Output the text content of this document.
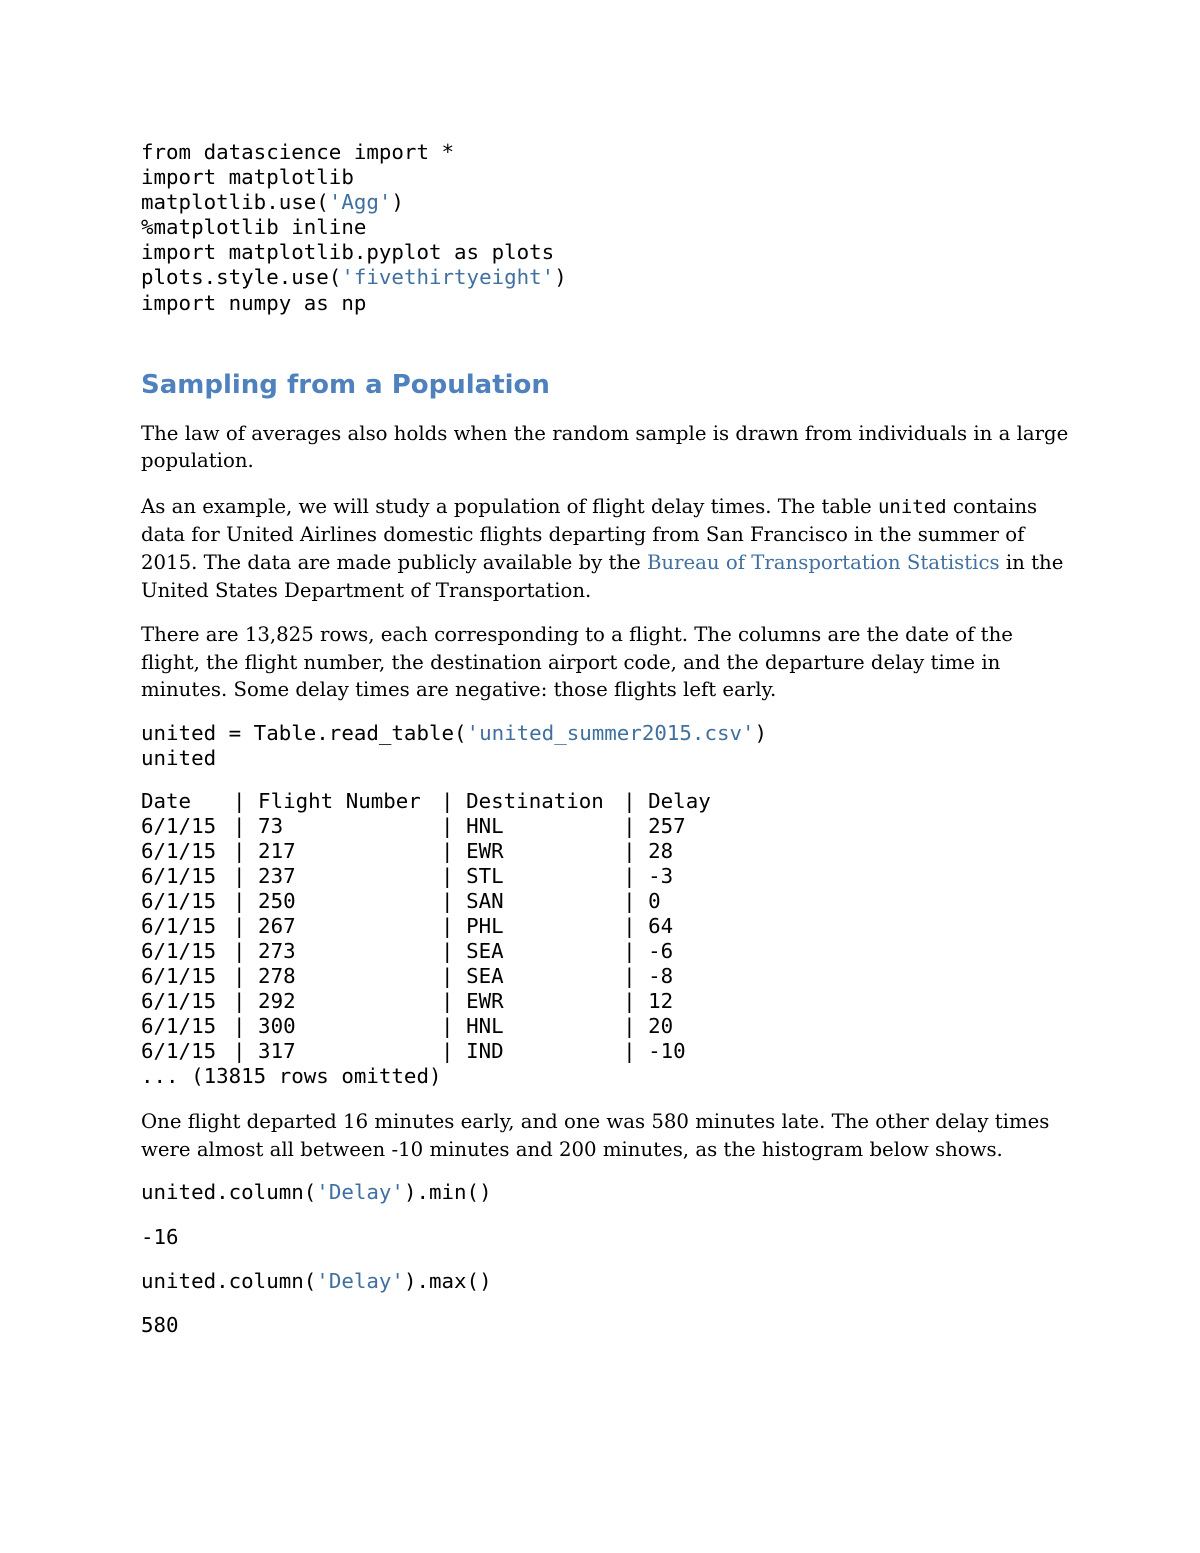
from datascience import *
import matplotlib
matplotlib.use('Agg')
%matplotlib inline
import matplotlib.pyplot as plots
plots.style.use('fivethirtyeight')
import numpy as np
Sampling from a Population

The law of averages also holds when the random sample is drawn from individuals in a large population.

As an example, we will study a population of flight delay times. The table united contains data for United Airlines domestic flights departing from San Francisco in the summer of 2015. The data are made publicly available by the Bureau of Transportation Statistics in the United States Department of Transportation.

There are 13,825 rows, each corresponding to a flight. The columns are the date of the flight, the flight number, the destination airport code, and the departure delay time in minutes. Some delay times are negative: those flights left early.

united = Table.read_table('united_summer2015.csv')
united
Date	|	Flight Number	|	Destination	|	Delay
6/1/15	|	73	|	HNL	|	257
6/1/15	|	217	|	EWR	|	28
6/1/15	|	237	|	STL	|	-3
6/1/15	|	250	|	SAN	|	0
6/1/15	|	267	|	PHL	|	64
6/1/15	|	273	|	SEA	|	-6
6/1/15	|	278	|	SEA	|	-8
6/1/15	|	292	|	EWR	|	12
6/1/15	|	300	|	HNL	|	20
6/1/15	|	317	|	IND	|	-10
... (13815 rows omitted)

One flight departed 16 minutes early, and one was 580 minutes late. The other delay times were almost all between -10 minutes and 200 minutes, as the histogram below shows.

united.column('Delay').min()
-16
united.column('Delay').max()
580
